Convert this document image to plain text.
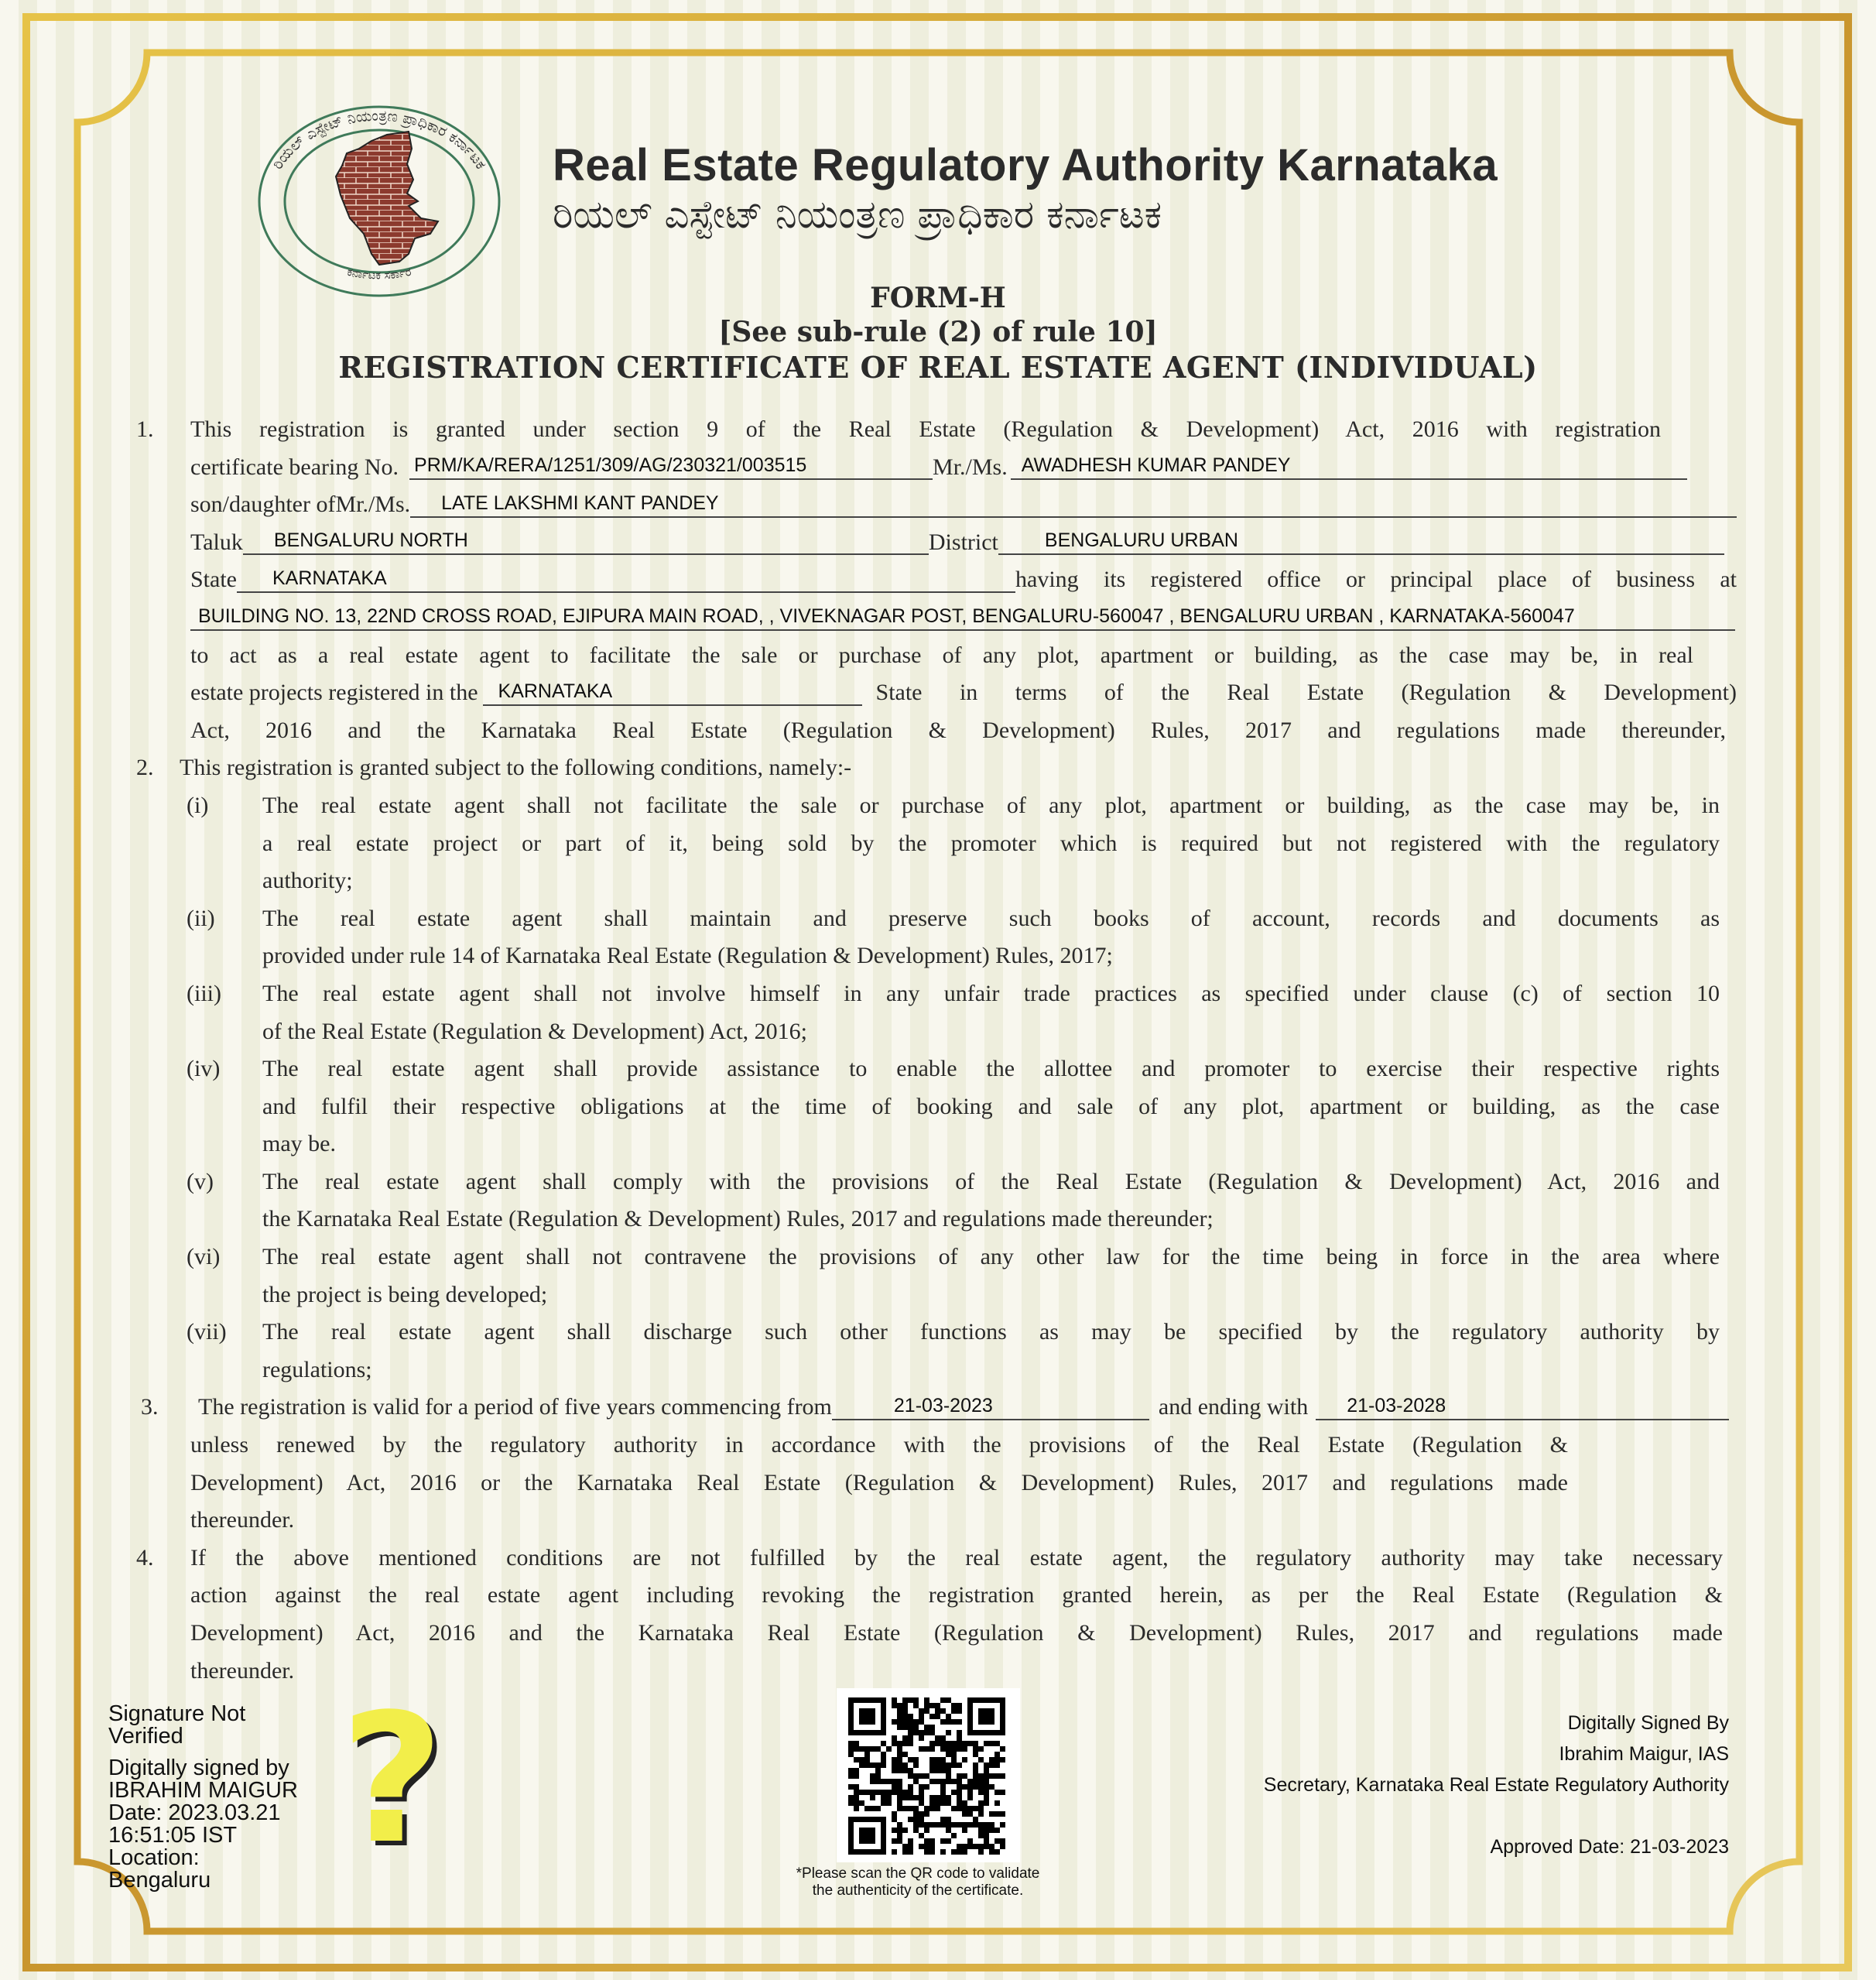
ರಿಯಲ್ ಎಸ್ಟೇಟ್ ನಿಯಂತ್ರಣ ಪ್ರಾಧಿಕಾರ ಕರ್ನಾಟಕ
ಕರ್ನಾಟಕ ಸರ್ಕಾರ
Real Estate Regulatory Authority Karnataka
ರಿಯಲ್ ಎಸ್ಟೇಟ್ ನಿಯಂತ್ರಣ ಪ್ರಾಧಿಕಾರ ಕರ್ನಾಟಕ
FORM-H
[See sub-rule (2) of rule 10]
REGISTRATION CERTIFICATE OF REAL ESTATE AGENT (INDIVIDUAL)
1. This registration is granted under section 9 of the Real Estate (Regulation & Development) Act, 2016 with registration
certificate bearing No. PRM/KA/RERA/1251/309/AG/230321/003515	Mr./Ms. AWADHESH KUMAR PANDEY
son/daughter ofMr./Ms.	LATE LAKSHMI KANT PANDEY
Taluk	BENGALURU NORTH	District	BENGALURU URBAN
State	KARNATAKA	having its registered office or principal place of business at
BUILDING NO. 13, 22ND CROSS ROAD, EJIPURA MAIN ROAD, , VIVEKNAGAR POST, BENGALURU-560047 , BENGALURU URBAN , KARNATAKA-560047
to act as a real estate agent to facilitate the sale or purchase of any plot, apartment or building, as the case may be, in real
estate projects registered in the	KARNATAKA	State in terms of the Real Estate (Regulation & Development)
Act, 2016 and the Karnataka Real Estate (Regulation & Development) Rules, 2017 and regulations made thereunder,
2. This registration is granted subject to the following conditions, namely:-
(i) The real estate agent shall not facilitate the sale or purchase of any plot, apartment or building, as the case may be, in
a real estate project or part of it, being sold by the promoter which is required but not registered with the regulatory
authority;
(ii) The real estate agent shall maintain and preserve such books of account, records and documents as
provided under rule 14 of Karnataka Real Estate (Regulation & Development) Rules, 2017;
(iii) The real estate agent shall not involve himself in any unfair trade practices as specified under clause (c) of section 10
of the Real Estate (Regulation & Development) Act, 2016;
(iv) The real estate agent shall provide assistance to enable the allottee and promoter to exercise their respective rights
and fulfil their respective obligations at the time of booking and sale of any plot, apartment or building, as the case
may be.
(v) The real estate agent shall comply with the provisions of the Real Estate (Regulation & Development) Act, 2016 and
the Karnataka Real Estate (Regulation & Development) Rules, 2017 and regulations made thereunder;
(vi) The real estate agent shall not contravene the provisions of any other law for the time being in force in the area where
the project is being developed;
(vii) The real estate agent shall discharge such other functions as may be specified by the regulatory authority by
regulations;
3. The registration is valid for a period of five years commencing from	21-03-2023	and ending with	21-03-2028
unless renewed by the regulatory authority in accordance with the provisions of the Real Estate (Regulation &
Development) Act, 2016 or the Karnataka Real Estate (Regulation & Development) Rules, 2017 and regulations made
thereunder.
4. If the above mentioned conditions are not fulfilled by the real estate agent, the regulatory authority may take necessary
action against the real estate agent including revoking the registration granted herein, as per the Real Estate (Regulation &
Development) Act, 2016 and the Karnataka Real Estate (Regulation & Development) Rules, 2017 and regulations made
thereunder.
?
Signature Not
Verified
Digitally signed by
IBRAHIM MAIGUR
Date: 2023.03.21
16:51:05 IST
Location:
Bengaluru	*Please scan the QR code to validate
the authenticity of the certificate.
Digitally Signed By
Ibrahim Maigur, IAS
Secretary, Karnataka Real Estate Regulatory Authority
Approved Date: 21-03-2023
